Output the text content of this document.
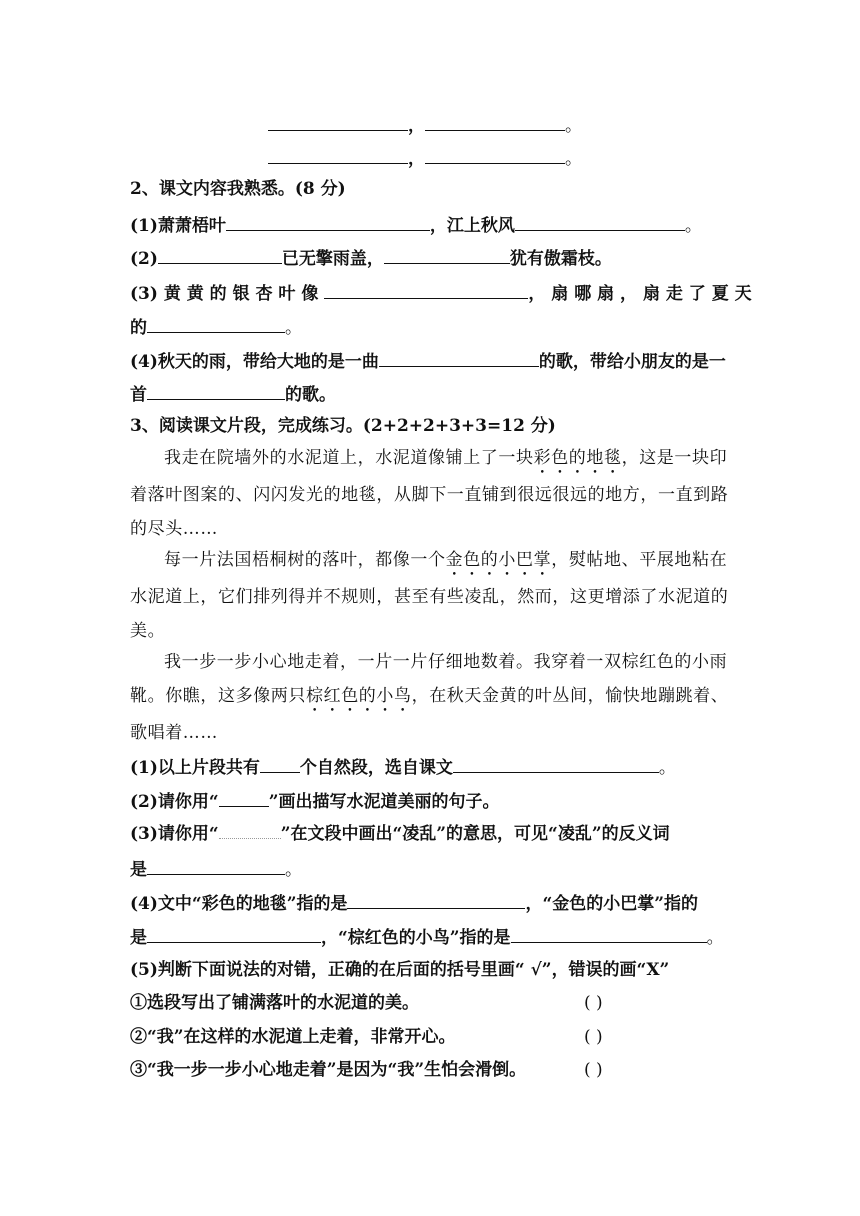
，	。
，	。
2、课文内容我熟悉。(8 分)
(1)萧萧梧叶	，江上秋风	。
(2)	已无擎雨盖，	犹有傲霜枝。
(3) 黄 黄 的 银 杏 叶 像	， 扇 哪 扇 ， 扇 走 了 夏 天
的	。
(4)秋天的雨，带给大地的是一曲	的歌，带给小朋友的是一
首	的歌。
3、阅读课文片段，完成练习。(2+2+2+3+3=12 分)
我走在院墙外的水泥道上，水泥道像铺上了一块彩色的地毯，这是一块印着落叶图案的、闪闪发光的地毯，从脚下一直铺到很远很远的地方，一直到路的尽头……
每一片法国梧桐树的落叶，都像一个金色的小巴掌，熨帖地、平展地粘在水泥道上，它们排列得并不规则，甚至有些凌乱，然而，这更增添了水泥道的美。
我一步一步小心地走着，一片一片仔细地数着。我穿着一双棕红色的小雨靴。你瞧，这多像两只棕红色的小鸟，在秋天金黄的叶丛间，愉快地蹦跳着、歌唱着……
(1)以上片段共有 个自然段，选自课文	。
(2)请你用“	”画出描写水泥道美丽的句子。
(3)请你用“	”在文段中画出“凌乱”的意思，可见“凌乱”的反义词
是	。
(4)文中“彩色的地毯”指的是	，“金色的小巴掌”指的
是	，“棕红色的小鸟”指的是	。
(5)判断下面说法的对错，正确的在后面的括号里画“ √”，错误的画“X”
①选段写出了铺满落叶的水泥道的美。	( )
②“我”在这样的水泥道上走着，非常开心。	( )
③“我一步一步小心地走着”是因为“我”生怕会滑倒。	( )
